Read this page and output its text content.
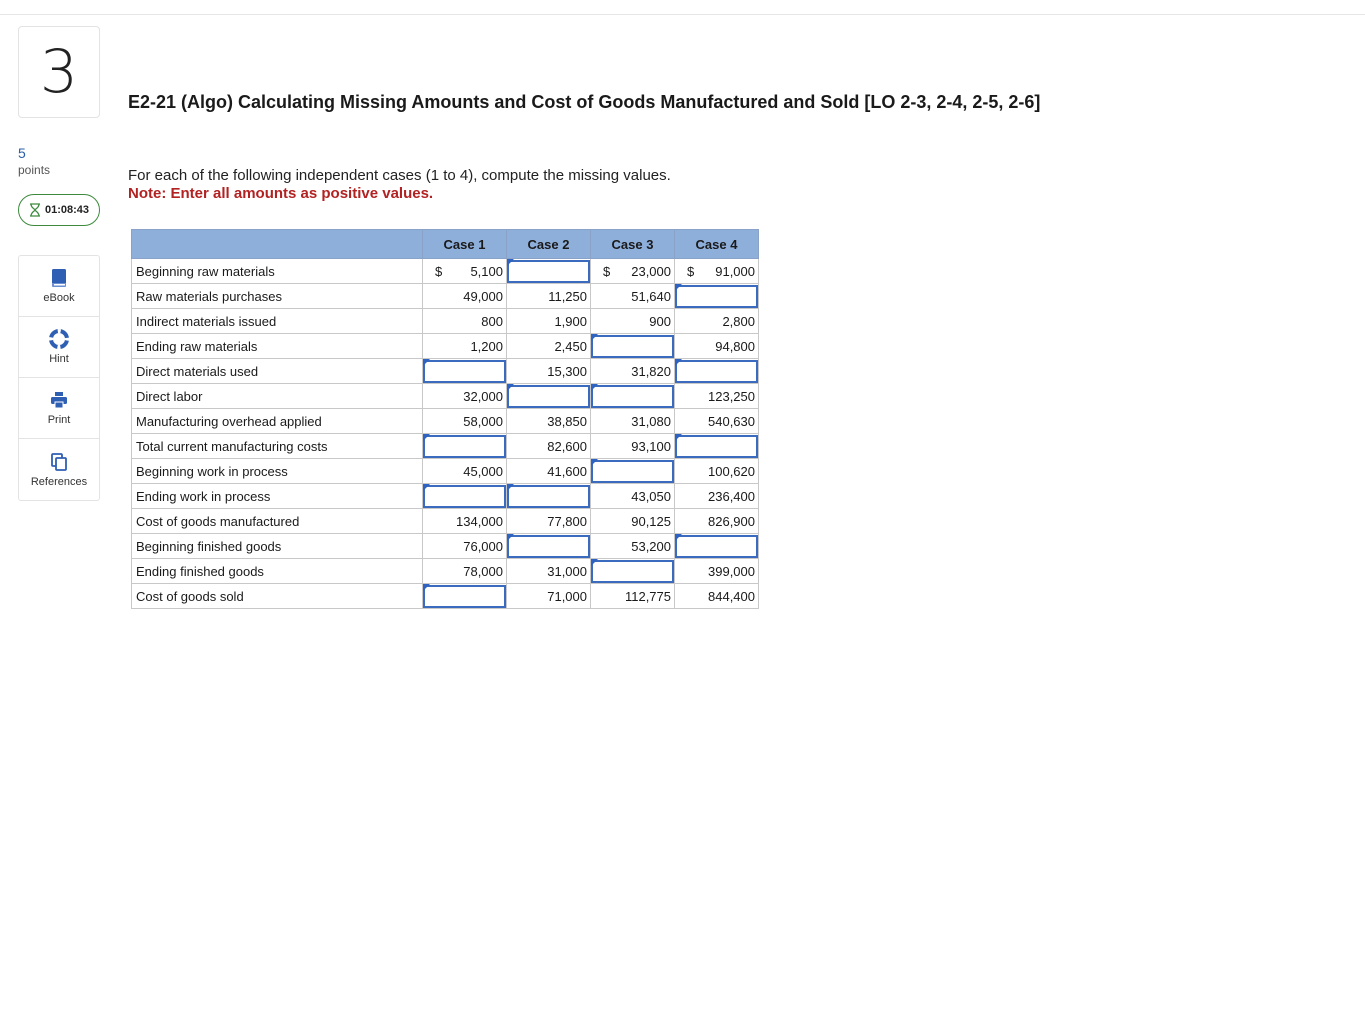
3
5
points
01:08:43
eBook
Hint
Print
References
E2-21 (Algo) Calculating Missing Amounts and Cost of Goods Manufactured and Sold [LO 2-3, 2-4, 2-5, 2-6]
For each of the following independent cases (1 to 4), compute the missing values.
Note: Enter all amounts as positive values.
	Case 1	Case 2	Case 3	Case 4
Beginning raw materials	$ 5,100		$ 23,000	$ 91,000
Raw materials purchases	49,000	11,250	51,640	

Indirect materials issued	800	1,900	900	2,800
Ending raw materials	1,200	2,450		94,800
Direct materials used		15,300	31,820	

Direct labor	32,000			123,250
Manufacturing overhead applied	58,000	38,850	31,080	540,630
Total current manufacturing costs		82,600	93,100	

Beginning work in process	45,000	41,600		100,620
Ending work in process			43,050	236,400
Cost of goods manufactured	134,000	77,800	90,125	826,900
Beginning finished goods	76,000		53,200	

Ending finished goods	78,000	31,000		399,000
Cost of goods sold		71,000	112,775	844,400
